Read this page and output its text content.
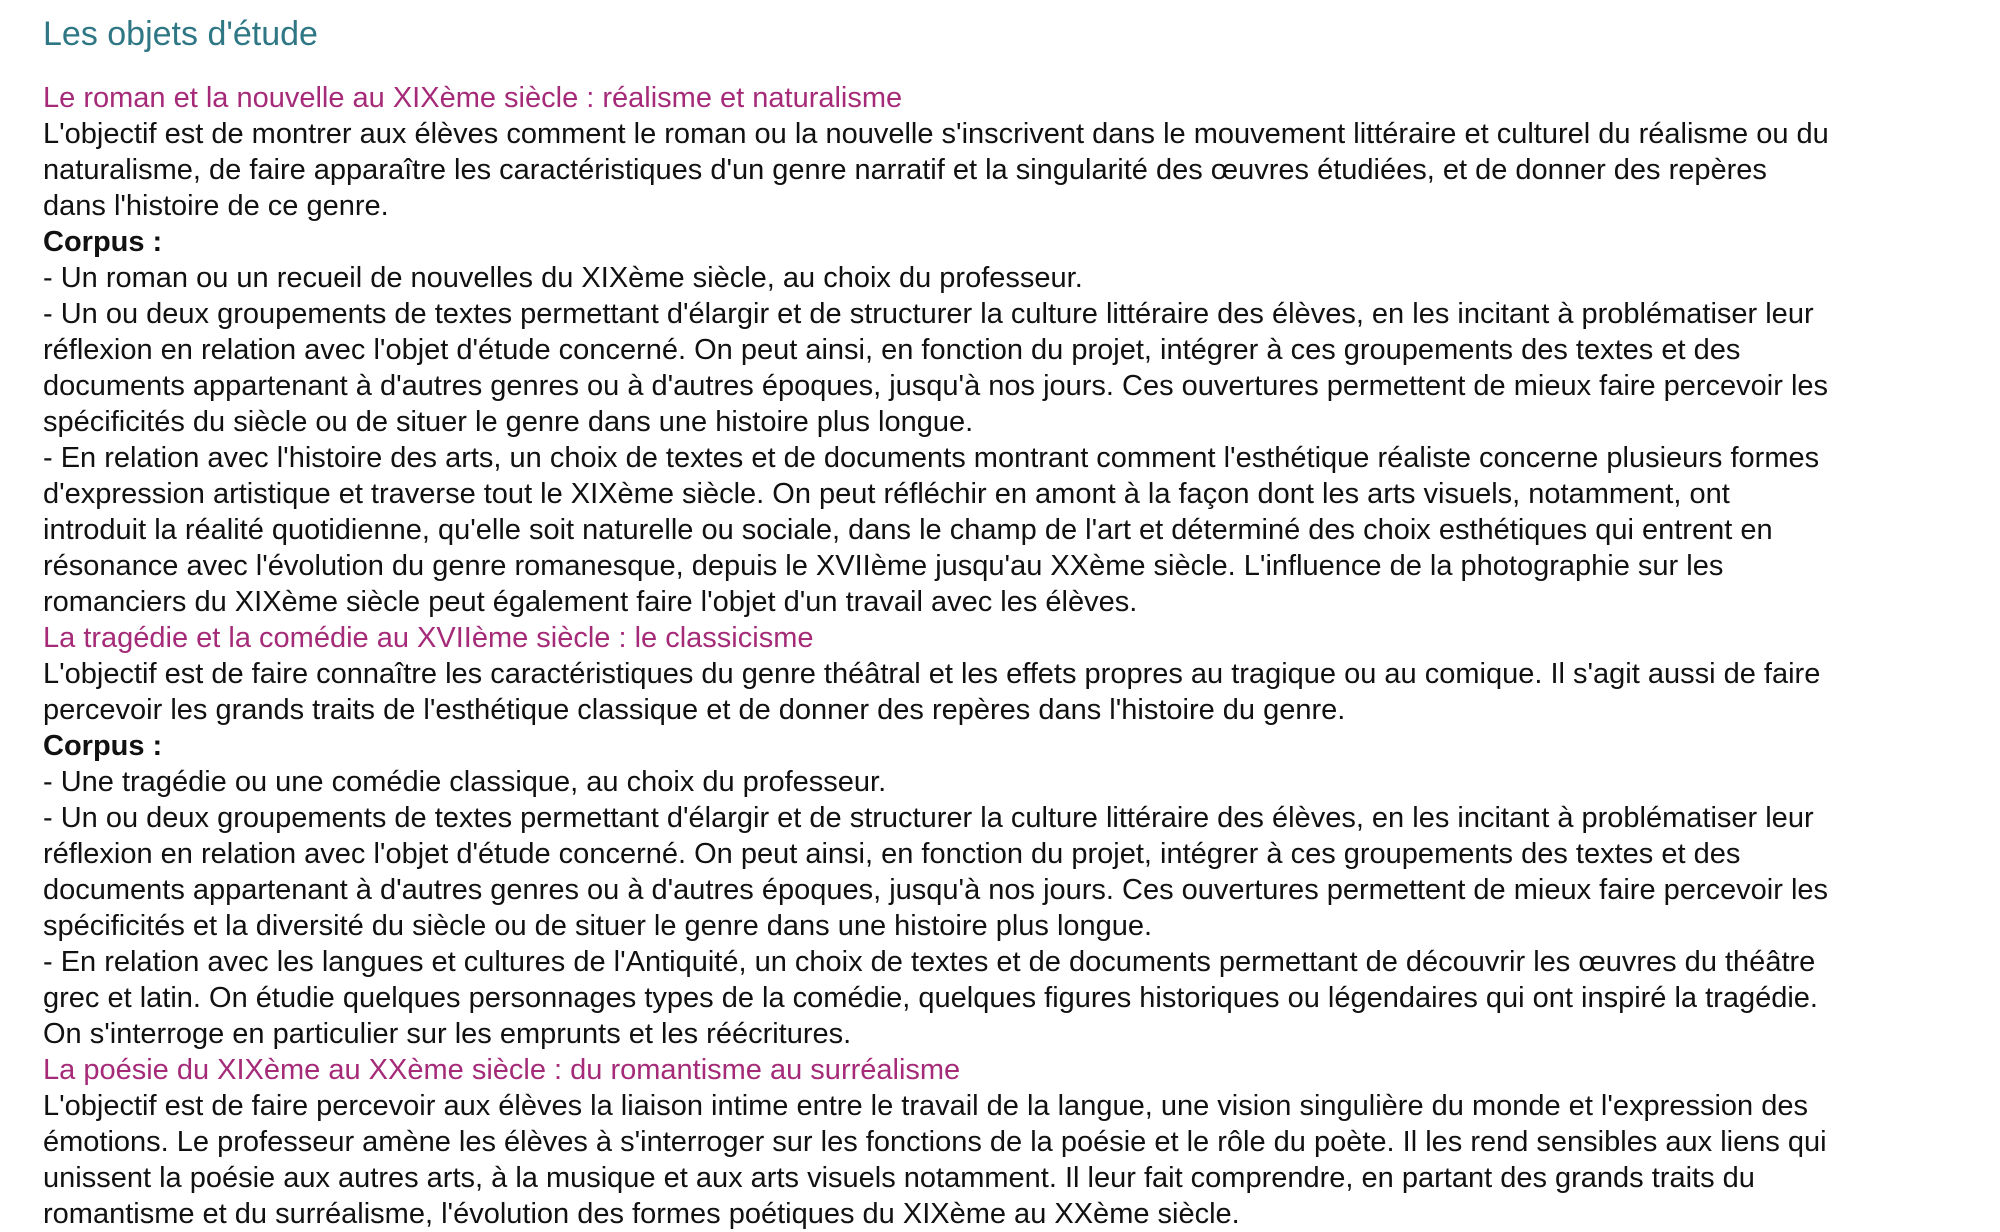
Les objets d'étude
Le roman et la nouvelle au XIXème siècle : réalisme et naturalisme
L'objectif est de montrer aux élèves comment le roman ou la nouvelle s'inscrivent dans le mouvement littéraire et culturel du réalisme ou du
naturalisme, de faire apparaître les caractéristiques d'un genre narratif et la singularité des œuvres étudiées, et de donner des repères
dans l'histoire de ce genre.
Corpus :
- Un roman ou un recueil de nouvelles du XIXème siècle, au choix du professeur.
- Un ou deux groupements de textes permettant d'élargir et de structurer la culture littéraire des élèves, en les incitant à problématiser leur
réflexion en relation avec l'objet d'étude concerné. On peut ainsi, en fonction du projet, intégrer à ces groupements des textes et des
documents appartenant à d'autres genres ou à d'autres époques, jusqu'à nos jours. Ces ouvertures permettent de mieux faire percevoir les
spécificités du siècle ou de situer le genre dans une histoire plus longue.
- En relation avec l'histoire des arts, un choix de textes et de documents montrant comment l'esthétique réaliste concerne plusieurs formes
d'expression artistique et traverse tout le XIXème siècle. On peut réfléchir en amont à la façon dont les arts visuels, notamment, ont
introduit la réalité quotidienne, qu'elle soit naturelle ou sociale, dans le champ de l'art et déterminé des choix esthétiques qui entrent en
résonance avec l'évolution du genre romanesque, depuis le XVIIème jusqu'au XXème siècle. L'influence de la photographie sur les
romanciers du XIXème siècle peut également faire l'objet d'un travail avec les élèves.
La tragédie et la comédie au XVIIème siècle : le classicisme
L'objectif est de faire connaître les caractéristiques du genre théâtral et les effets propres au tragique ou au comique. Il s'agit aussi de faire
percevoir les grands traits de l'esthétique classique et de donner des repères dans l'histoire du genre.
Corpus :
- Une tragédie ou une comédie classique, au choix du professeur.
- Un ou deux groupements de textes permettant d'élargir et de structurer la culture littéraire des élèves, en les incitant à problématiser leur
réflexion en relation avec l'objet d'étude concerné. On peut ainsi, en fonction du projet, intégrer à ces groupements des textes et des
documents appartenant à d'autres genres ou à d'autres époques, jusqu'à nos jours. Ces ouvertures permettent de mieux faire percevoir les
spécificités et la diversité du siècle ou de situer le genre dans une histoire plus longue.
- En relation avec les langues et cultures de l'Antiquité, un choix de textes et de documents permettant de découvrir les œuvres du théâtre
grec et latin. On étudie quelques personnages types de la comédie, quelques figures historiques ou légendaires qui ont inspiré la tragédie.
On s'interroge en particulier sur les emprunts et les réécritures.
La poésie du XIXème au XXème siècle : du romantisme au surréalisme
L'objectif est de faire percevoir aux élèves la liaison intime entre le travail de la langue, une vision singulière du monde et l'expression des
émotions. Le professeur amène les élèves à s'interroger sur les fonctions de la poésie et le rôle du poète. Il les rend sensibles aux liens qui
unissent la poésie aux autres arts, à la musique et aux arts visuels notamment. Il leur fait comprendre, en partant des grands traits du
romantisme et du surréalisme, l'évolution des formes poétiques du XIXème au XXème siècle.
